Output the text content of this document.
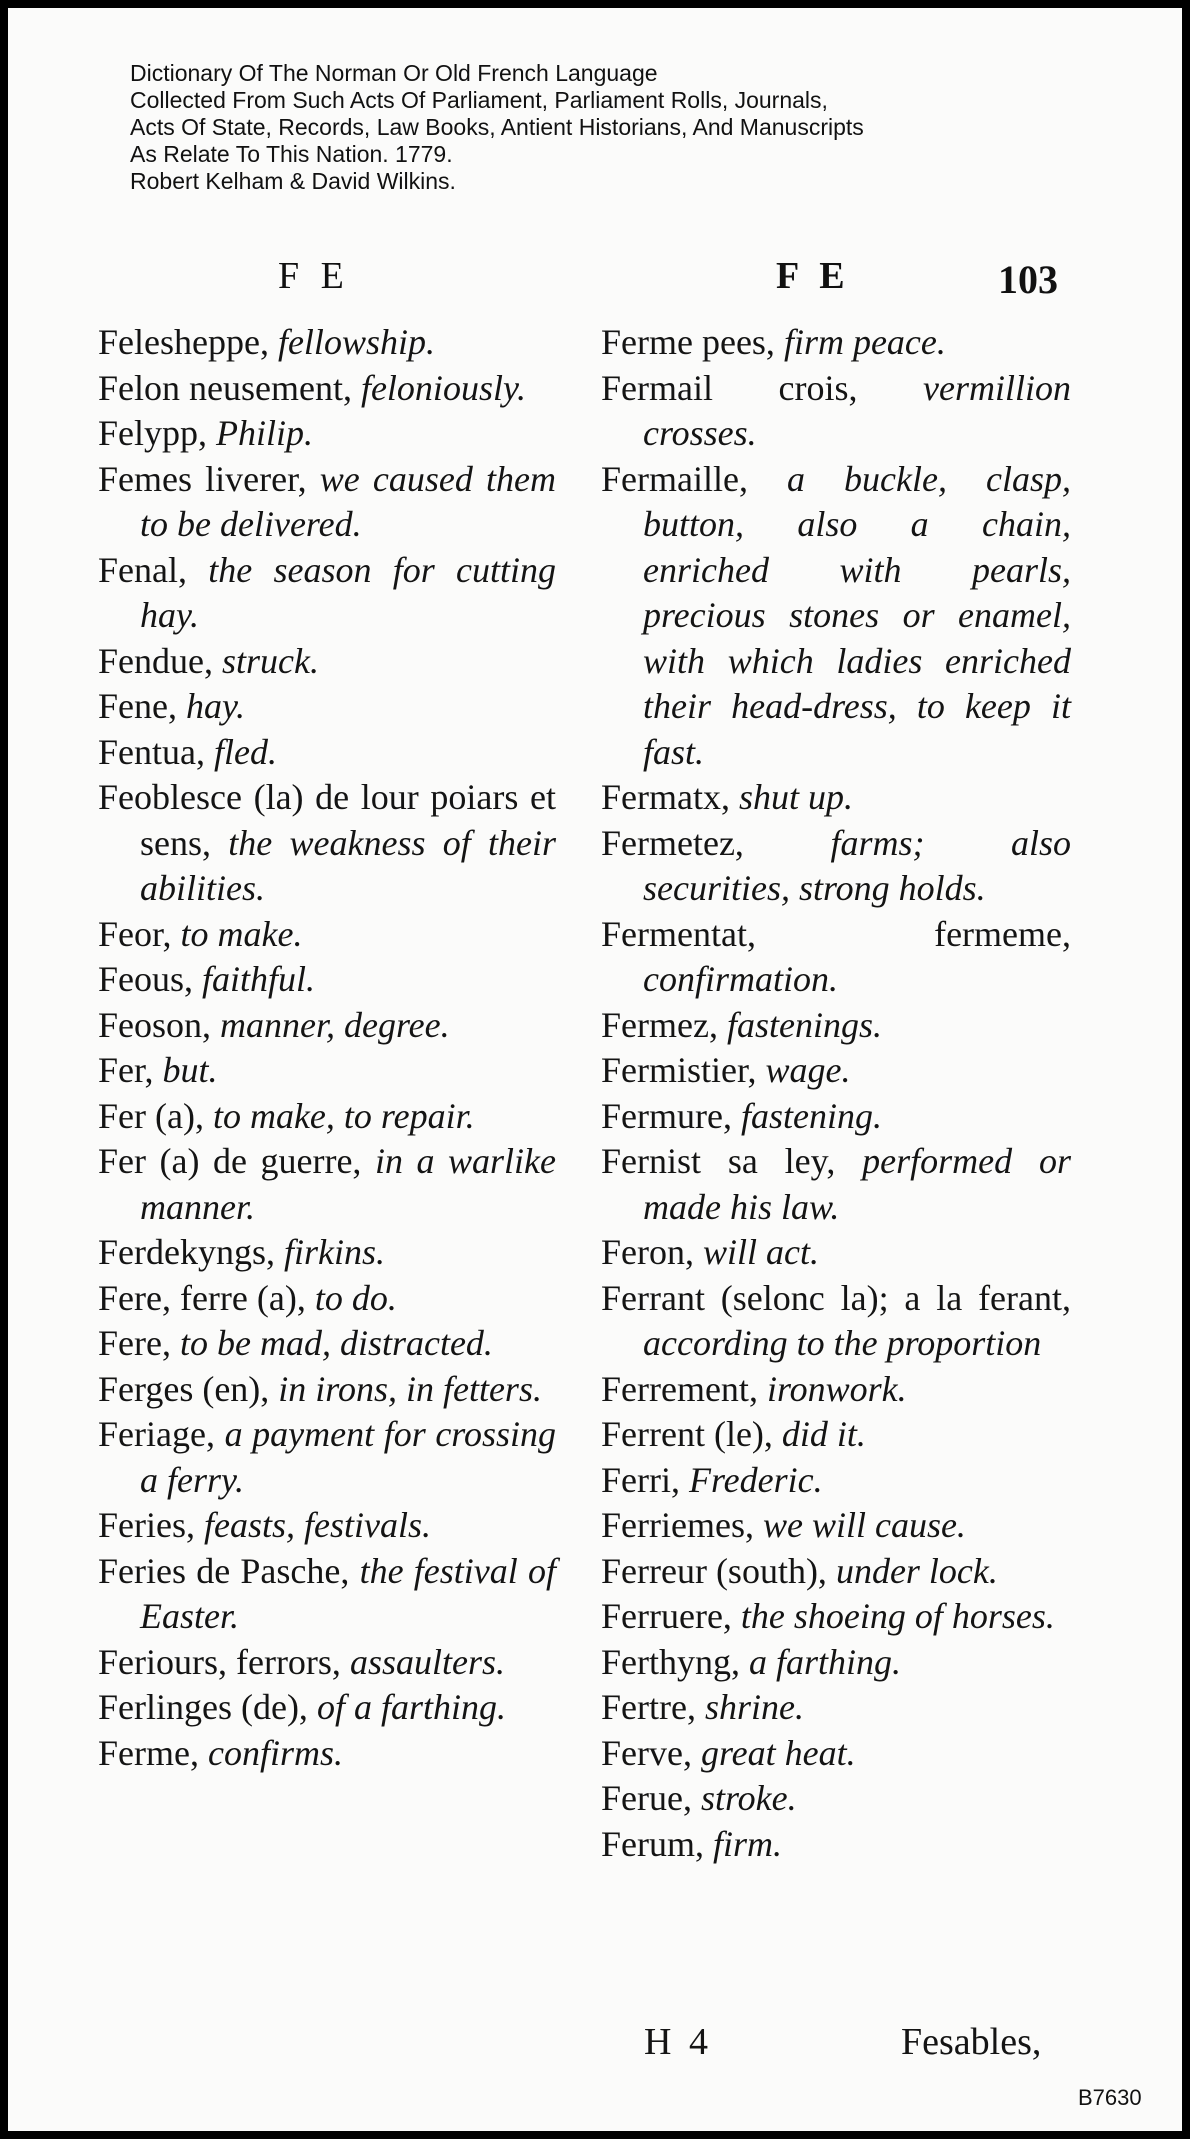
Dictionary Of The Norman Or Old French Language
Collected From Such Acts Of Parliament, Parliament Rolls, Journals,
Acts Of State, Records, Law Books, Antient Historians, And Manuscripts
As Relate To This Nation. 1779.
Robert Kelham & David Wilkins.
F E	F E	103
Felesheppe, fellowship.
Felon neusement, feloniously.
Felypp, Philip.
Femes liverer, we caused them to be delivered.
Fenal, the season for cutting hay.
Fendue, struck.
Fene, hay.
Fentua, fled.
Feoblesce (la) de lour poiars et sens, the weakness of their abilities.
Feor, to make.
Feous, faithful.
Feoson, manner, degree.
Fer, but.
Fer (a), to make, to repair.
Fer (a) de guerre, in a warlike manner.
Ferdekyngs, firkins.
Fere, ferre (a), to do.
Fere, to be mad, distracted.
Ferges (en), in irons, in fetters.
Feriage, a payment for crossing a ferry.
Feries, feasts, festivals.
Feries de Pasche, the festival of Easter.
Feriours, ferrors, assaulters.
Ferlinges (de), of a farthing.
Ferme, confirms.
Ferme pees, firm peace.
Fermail crois, vermillion crosses.
Fermaille, a buckle, clasp, button, also a chain, enriched with pearls, precious stones or enamel, with which ladies enriched their head-dress, to keep it fast.
Fermatx, shut up.
Fermetez, farms; also securities, strong holds.
Fermentat, fermeme, confirmation.
Fermez, fastenings.
Fermistier, wage.
Fermure, fastening.
Fernist sa ley, performed or made his law.
Feron, will act.
Ferrant (selonc la); a la ferant, according to the proportion
Ferrement, ironwork.
Ferrent (le), did it.
Ferri, Frederic.
Ferriemes, we will cause.
Ferreur (south), under lock.
Ferruere, the shoeing of horses.
Ferthyng, a farthing.
Fertre, shrine.
Ferve, great heat.
Ferue, stroke.
Ferum, firm.
H 4	Fesables,
B7630
